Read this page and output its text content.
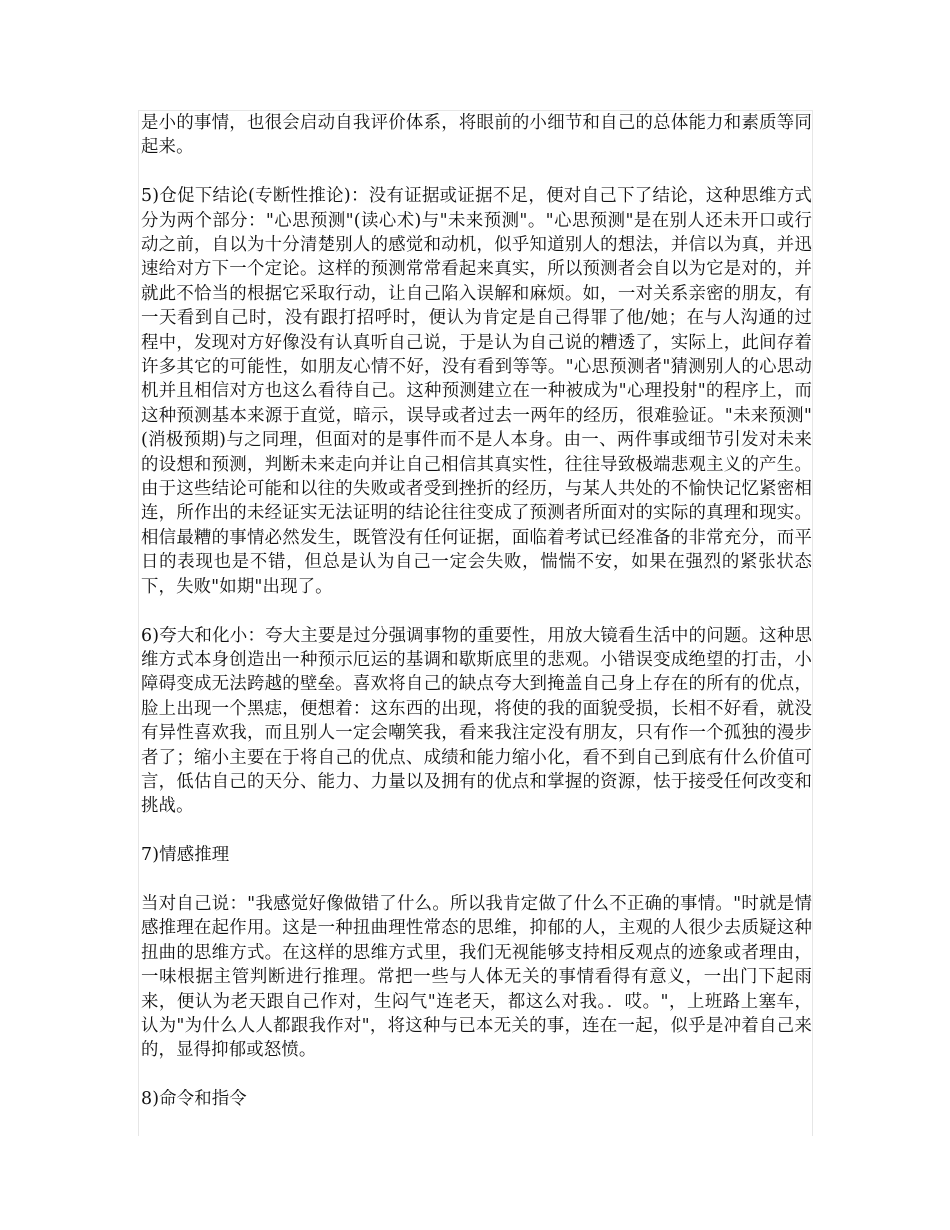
是小的事情，也很会启动自我评价体系，将眼前的小细节和自己的总体能力和素质等同起来。

5)仓促下结论(专断性推论)：没有证据或证据不足，便对自己下了结论，这种思维方式分为两个部分："心思预测"(读心术)与"未来预测"。"心思预测"是在别人还未开口或行动之前，自以为十分清楚别人的感觉和动机，似乎知道别人的想法，并信以为真，并迅速给对方下一个定论。这样的预测常常看起来真实，所以预测者会自以为它是对的，并就此不恰当的根据它采取行动，让自己陷入误解和麻烦。如，一对关系亲密的朋友，有一天看到自己时，没有跟打招呼时，便认为肯定是自己得罪了他/她；在与人沟通的过程中，发现对方好像没有认真听自己说，于是认为自己说的糟透了，实际上，此间存着许多其它的可能性，如朋友心情不好，没有看到等等。"心思预测者"猜测别人的心思动机并且相信对方也这么看待自己。这种预测建立在一种被成为"心理投射"的程序上，而这种预测基本来源于直觉，暗示，误导或者过去一两年的经历，很难验证。"未来预测"(消极预期)与之同理，但面对的是事件而不是人本身。由一、两件事或细节引发对未来的设想和预测，判断未来走向并让自己相信其真实性，往往导致极端悲观主义的产生。由于这些结论可能和以往的失败或者受到挫折的经历，与某人共处的不愉快记忆紧密相连，所作出的未经证实无法证明的结论往往变成了预测者所面对的实际的真理和现实。相信最糟的事情必然发生，既管没有任何证据，面临着考试已经准备的非常充分，而平日的表现也是不错，但总是认为自己一定会失败，惴惴不安，如果在强烈的紧张状态下，失败"如期"出现了。

6)夸大和化小：夸大主要是过分强调事物的重要性，用放大镜看生活中的问题。这种思维方式本身创造出一种预示厄运的基调和歇斯底里的悲观。小错误变成绝望的打击，小障碍变成无法跨越的壁垒。喜欢将自己的缺点夸大到掩盖自己身上存在的所有的优点，脸上出现一个黑痣，便想着：这东西的出现，将使的我的面貌受损，长相不好看，就没有异性喜欢我，而且别人一定会嘲笑我，看来我注定没有朋友，只有作一个孤独的漫步者了；缩小主要在于将自己的优点、成绩和能力缩小化，看不到自己到底有什么价值可言，低估自己的天分、能力、力量以及拥有的优点和掌握的资源，怯于接受任何改变和挑战。

7)情感推理

当对自己说："我感觉好像做错了什么。所以我肯定做了什么不正确的事情。"时就是情感推理在起作用。这是一种扭曲理性常态的思维，抑郁的人，主观的人很少去质疑这种扭曲的思维方式。在这样的思维方式里，我们无视能够支持相反观点的迹象或者理由，一味根据主管判断进行推理。常把一些与人体无关的事情看得有意义，一出门下起雨来，便认为老天跟自己作对，生闷气"连老天，都这么对我。．哎。"，上班路上塞车，认为"为什么人人都跟我作对"，将这种与已本无关的事，连在一起，似乎是冲着自己来的，显得抑郁或怒愤。

8)命令和指令
